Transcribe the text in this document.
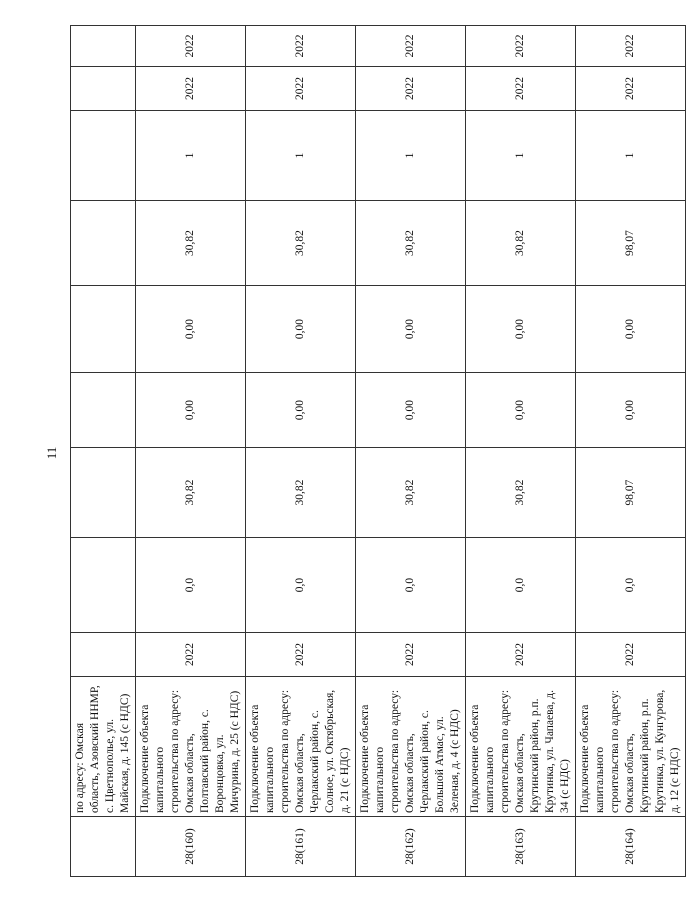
11
	по адресу: Омская область, Азовский ННМР, с. Цветнополье, ул. Майская, д. 145 (с НДС)									
28(160)	Подключение объекта капитального строительства по адресу: Омская область, Полтавский район, с. Воронцовка, ул. Мичурина, д. 25 (с НДС)	2022	0,0	30,82	0,00	0,00	30,82	1	2022	2022
28(161)	Подключение объекта капитального строительства по адресу: Омская область, Черлакский район, с. Солное, ул. Октябрьская, д. 21 (с НДС)	2022	0,0	30,82	0,00	0,00	30,82	1	2022	2022
28(162)	Подключение объекта капитального строительства по адресу: Омская область, Черлакский район, с. Большой Атмас, ул. Зеленая, д. 4 (с НДС)	2022	0,0	30,82	0,00	0,00	30,82	1	2022	2022
28(163)	Подключение объекта капитального строительства по адресу: Омская область, Крутинский район, р.п. Крутинка, ул. Чапаева, д. 34 (с НДС)	2022	0,0	30,82	0,00	0,00	30,82	1	2022	2022
28(164)	Подключение объекта капитального строительства по адресу: Омская область, Крутинский район, р.п. Крутинка, ул. Кунгурова, д. 12 (с НДС)	2022	0,0	98,07	0,00	0,00	98,07	1	2022	2022
